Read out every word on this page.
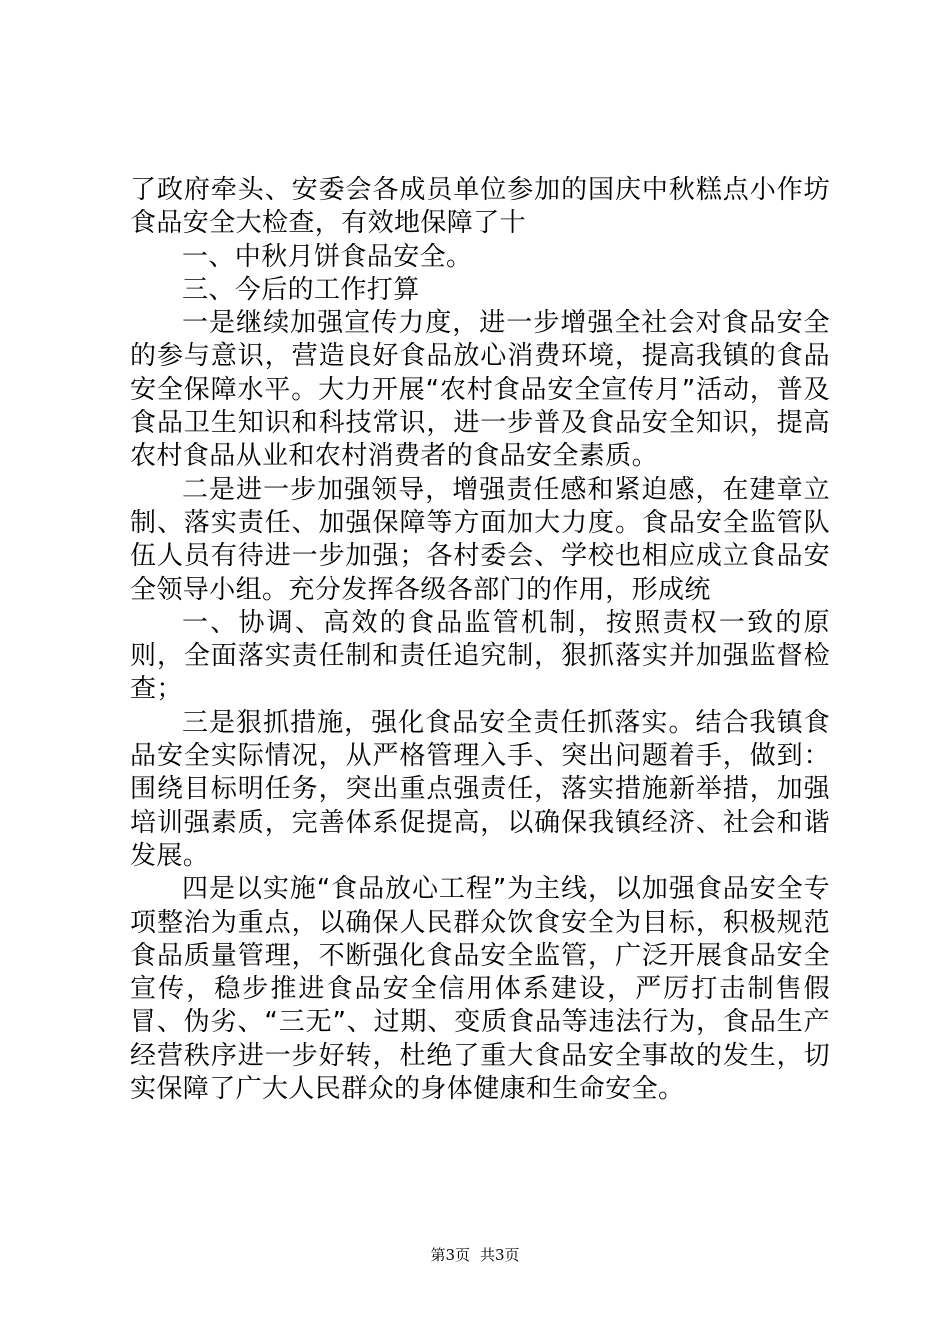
了政府牵头、安委会各成员单位参加的国庆中秋糕点小作坊食品安全大检查，有效地保障了十

一、中秋月饼食品安全。

三、今后的工作打算

一是继续加强宣传力度，进一步增强全社会对食品安全的参与意识，营造良好食品放心消费环境，提高我镇的食品安全保障水平。大力开展“农村食品安全宣传月”活动，普及食品卫生知识和科技常识，进一步普及食品安全知识，提高农村食品从业和农村消费者的食品安全素质。

二是进一步加强领导，增强责任感和紧迫感，在建章立制、落实责任、加强保障等方面加大力度。食品安全监管队伍人员有待进一步加强；各村委会、学校也相应成立食品安全领导小组。充分发挥各级各部门的作用，形成统

一、协调、高效的食品监管机制，按照责权一致的原则，全面落实责任制和责任追究制，狠抓落实并加强监督检查；

三是狠抓措施，强化食品安全责任抓落实。结合我镇食品安全实际情况，从严格管理入手、突出问题着手，做到：围绕目标明任务，突出重点强责任，落实措施新举措，加强培训强素质，完善体系促提高，以确保我镇经济、社会和谐发展。

四是以实施“食品放心工程”为主线，以加强食品安全专项整治为重点，以确保人民群众饮食安全为目标，积极规范食品质量管理，不断强化食品安全监管，广泛开展食品安全宣传，稳步推进食品安全信用体系建设，严厉打击制售假冒、伪劣、“三无”、过期、变质食品等违法行为，食品生产经营秩序进一步好转，杜绝了重大食品安全事故的发生，切实保障了广大人民群众的身体健康和生命安全。

第3页 共3页
